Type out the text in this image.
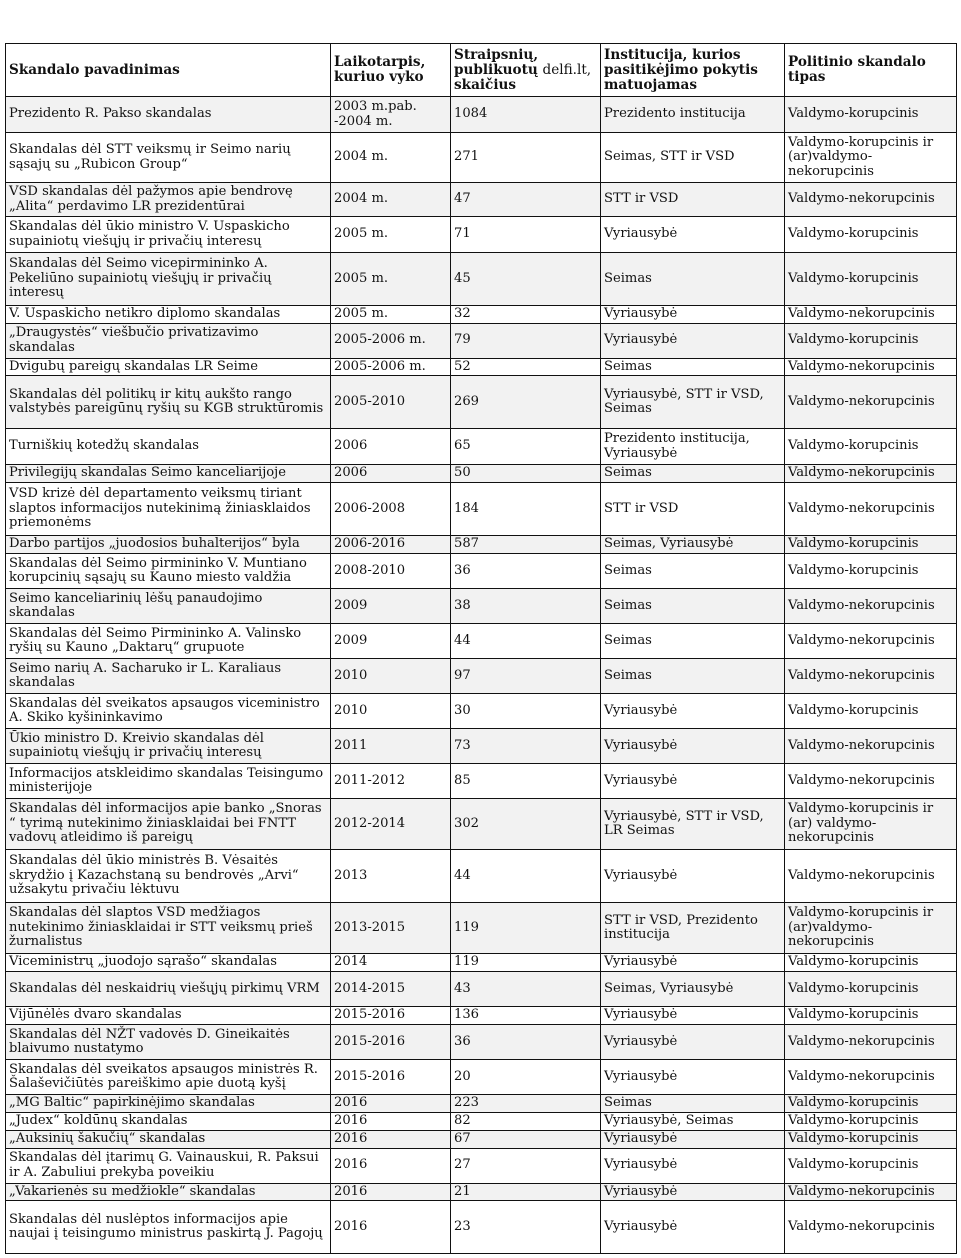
Skandalo pavadinimas	Laikotarpis, kuriuo vyko	Straipsnių, publikuotų delfi.lt, skaičius	Institucija, kurios pasitikėjimo pokytis matuojamas	Politinio skandalo tipas
Prezidento R. Pakso skandalas	2003 m.pab. -2004 m.	1084	Prezidento institucija	Valdymo-korupcinis
Skandalas dėl STT veiksmų ir Seimo narių sąsajų su „Rubicon Group“	2004 m.	271	Seimas, STT ir VSD	Valdymo-korupcinis ir (ar)valdymo-nekorupcinis
VSD skandalas dėl pažymos apie bendrovę „Alita“ perdavimo LR prezidentūrai	2004 m.	47	STT ir VSD	Valdymo-nekorupcinis
Skandalas dėl ūkio ministro V. Uspaskicho supainiotų viešųjų ir privačių interesų	2005 m.	71	Vyriausybė	Valdymo-korupcinis
Skandalas dėl Seimo vicepirmininko A. Pekeliūno supainiotų viešųjų ir privačių interesų	2005 m.	45	Seimas	Valdymo-korupcinis
V. Uspaskicho netikro diplomo skandalas	2005 m.	32	Vyriausybė	Valdymo-nekorupcinis
„Draugystės“ viešbučio privatizavimo skandalas	2005-2006 m.	79	Vyriausybė	Valdymo-korupcinis
Dvigubų pareigų skandalas LR Seime	2005-2006 m.	52	Seimas	Valdymo-nekorupcinis
Skandalas dėl politikų ir kitų aukšto rango valstybės pareigūnų ryšių su KGB struktūromis	2005-2010	269	Vyriausybė, STT ir VSD, Seimas	Valdymo-nekorupcinis
Turniškių kotedžų skandalas	2006	65	Prezidento institucija, Vyriausybė	Valdymo-korupcinis
Privilegijų skandalas Seimo kanceliarijoje	2006	50	Seimas	Valdymo-nekorupcinis
VSD krizė dėl departamento veiksmų tiriant slaptos informacijos nutekinimą žiniasklaidos priemonėms	2006-2008	184	STT ir VSD	Valdymo-nekorupcinis
Darbo partijos „juodosios buhalterijos“ byla	2006-2016	587	Seimas, Vyriausybė	Valdymo-korupcinis
Skandalas dėl Seimo pirmininko V. Muntiano korupcinių sąsajų su Kauno miesto valdžia	2008-2010	36	Seimas	Valdymo-korupcinis
Seimo kanceliarinių lėšų panaudojimo skandalas	2009	38	Seimas	Valdymo-nekorupcinis
Skandalas dėl Seimo Pirmininko A. Valinsko ryšių su Kauno „Daktarų“ grupuote	2009	44	Seimas	Valdymo-nekorupcinis
Seimo narių A. Sacharuko ir L. Karaliaus skandalas	2010	97	Seimas	Valdymo-nekorupcinis
Skandalas dėl sveikatos apsaugos viceministro A. Skiko kyšininkavimo	2010	30	Vyriausybė	Valdymo-korupcinis
Ūkio ministro D. Kreivio skandalas dėl supainiotų viešųjų ir privačių interesų	2011	73	Vyriausybė	Valdymo-nekorupcinis
Informacijos atskleidimo skandalas Teisingumo ministerijoje	2011-2012	85	Vyriausybė	Valdymo-nekorupcinis
Skandalas dėl informacijos apie banko „Snoras “ tyrimą nutekinimo žiniasklaidai bei FNTT vadovų atleidimo iš pareigų	2012-2014	302	Vyriausybė, STT ir VSD, LR Seimas	Valdymo-korupcinis ir (ar) valdymo-nekorupcinis
Skandalas dėl ūkio ministrės B. Vėsaitės skrydžio į Kazachstaną su bendrovės „Arvi“ užsakytu privačiu lėktuvu	2013	44	Vyriausybė	Valdymo-nekorupcinis
Skandalas dėl slaptos VSD medžiagos nutekinimo žiniasklaidai ir STT veiksmų prieš žurnalistus	2013-2015	119	STT ir VSD, Prezidento institucija	Valdymo-korupcinis ir (ar)valdymo-nekorupcinis
Viceministrų „juodojo sąrašo“ skandalas	2014	119	Vyriausybė	Valdymo-korupcinis
Skandalas dėl neskaidrių viešųjų pirkimų VRM	2014-2015	43	Seimas, Vyriausybė	Valdymo-korupcinis
Vijūnėlės dvaro skandalas	2015-2016	136	Vyriausybė	Valdymo-korupcinis
Skandalas dėl NŽT vadovės D. Gineikaitės blaivumo nustatymo	2015-2016	36	Vyriausybė	Valdymo-nekorupcinis
Skandalas dėl sveikatos apsaugos ministrės R. Šalaševičiūtės pareiškimo apie duotą kyšį	2015-2016	20	Vyriausybė	Valdymo-nekorupcinis
„MG Baltic“ papirkinėjimo skandalas	2016	223	Seimas	Valdymo-korupcinis
„Judex“ koldūnų skandalas	2016	82	Vyriausybė, Seimas	Valdymo-korupcinis
„Auksinių šakučių“ skandalas	2016	67	Vyriausybė	Valdymo-korupcinis
Skandalas dėl įtarimų G. Vainauskui, R. Paksui ir A. Zabuliui prekyba poveikiu	2016	27	Vyriausybė	Valdymo-korupcinis
„Vakarienės su medžiokle“ skandalas	2016	21	Vyriausybė	Valdymo-nekorupcinis
Skandalas dėl nuslėptos informacijos apie naujai į teisingumo ministrus paskirtą J. Pagojų	2016	23	Vyriausybė	Valdymo-nekorupcinis
